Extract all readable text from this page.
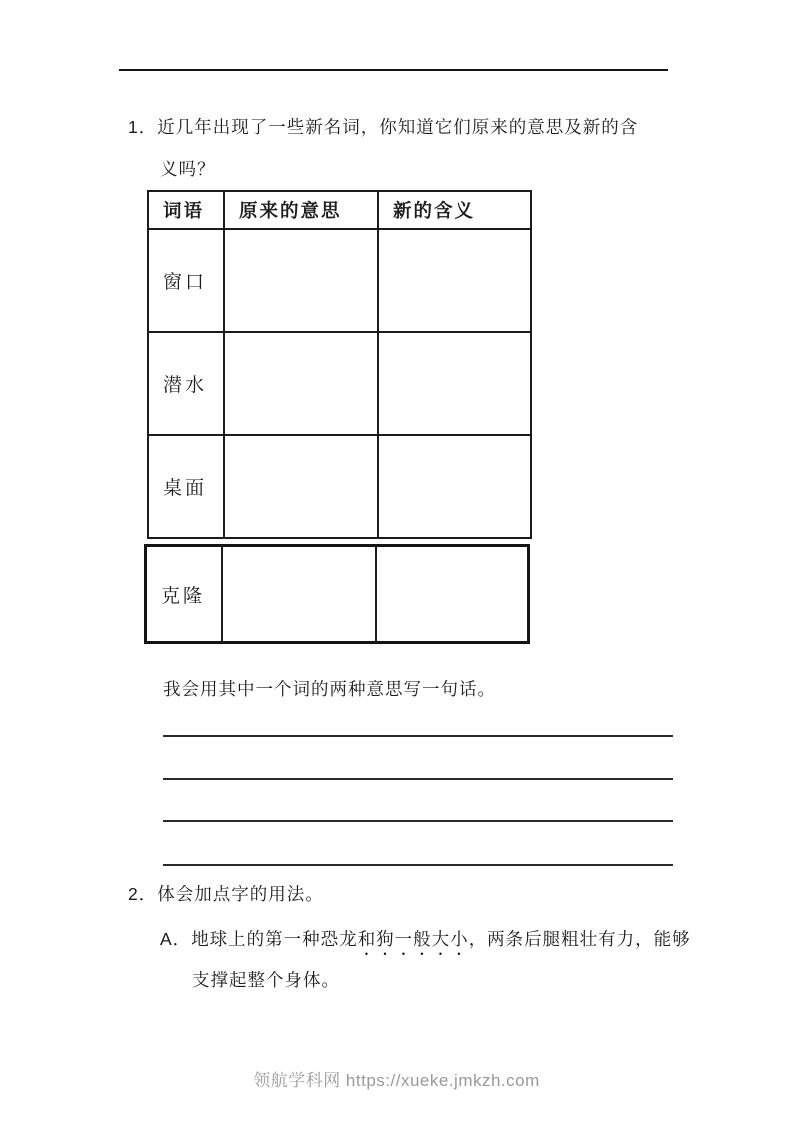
1．近几年出现了一些新名词，你知道它们原来的意思及新的含
义吗？
词语	原来的意思	新的含义
窗口		
潜水		
桌面		
克隆		
我会用其中一个词的两种意思写一句话。
2．体会加点字的用法。
A．地球上的第一种恐龙和狗一般大小，两条后腿粗壮有力，能够
支撑起整个身体。
领航学科网 https://xueke.jmkzh.com
